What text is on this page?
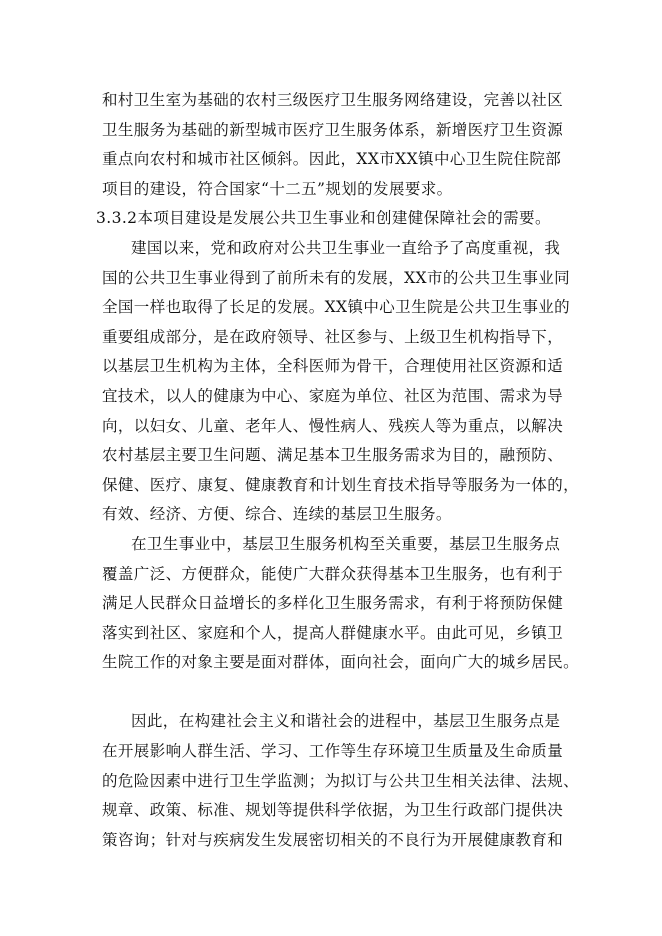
和村卫生室为基础的农村三级医疗卫生服务网络建设，完善以社区
卫生服务为基础的新型城市医疗卫生服务体系，新增医疗卫生资源
重点向农村和城市社区倾斜。因此，XX市XX镇中心卫生院住院部
项目的建设，符合国家“十二五”规划的发展要求。
3.3.2本项目建设是发展公共卫生事业和创建健保障社会的需要。
建国以来，党和政府对公共卫生事业一直给予了高度重视，我
国的公共卫生事业得到了前所未有的发展，XX市的公共卫生事业同
全国一样也取得了长足的发展。XX镇中心卫生院是公共卫生事业的
重要组成部分，是在政府领导、社区参与、上级卫生机构指导下，
以基层卫生机构为主体，全科医师为骨干，合理使用社区资源和适
宜技术，以人的健康为中心、家庭为单位、社区为范围、需求为导
向，以妇女、儿童、老年人、慢性病人、残疾人等为重点，以解决
农村基层主要卫生问题、满足基本卫生服务需求为目的，融预防、
保健、医疗、康复、健康教育和计划生育技术指导等服务为一体的，
有效、经济、方便、综合、连续的基层卫生服务。
在卫生事业中，基层卫生服务机构至关重要，基层卫生服务点
覆盖广泛、方便群众，能使广大群众获得基本卫生服务，也有利于
满足人民群众日益增长的多样化卫生服务需求，有利于将预防保健
落实到社区、家庭和个人，提高人群健康水平。由此可见，乡镇卫
生院工作的对象主要是面对群体，面向社会，面向广大的城乡居民。
因此，在构建社会主义和谐社会的进程中，基层卫生服务点是
在开展影响人群生活、学习、工作等生存环境卫生质量及生命质量
的危险因素中进行卫生学监测；为拟订与公共卫生相关法律、法规、
规章、政策、标准、规划等提供科学依据，为卫生行政部门提供决
策咨询；针对与疾病发生发展密切相关的不良行为开展健康教育和
